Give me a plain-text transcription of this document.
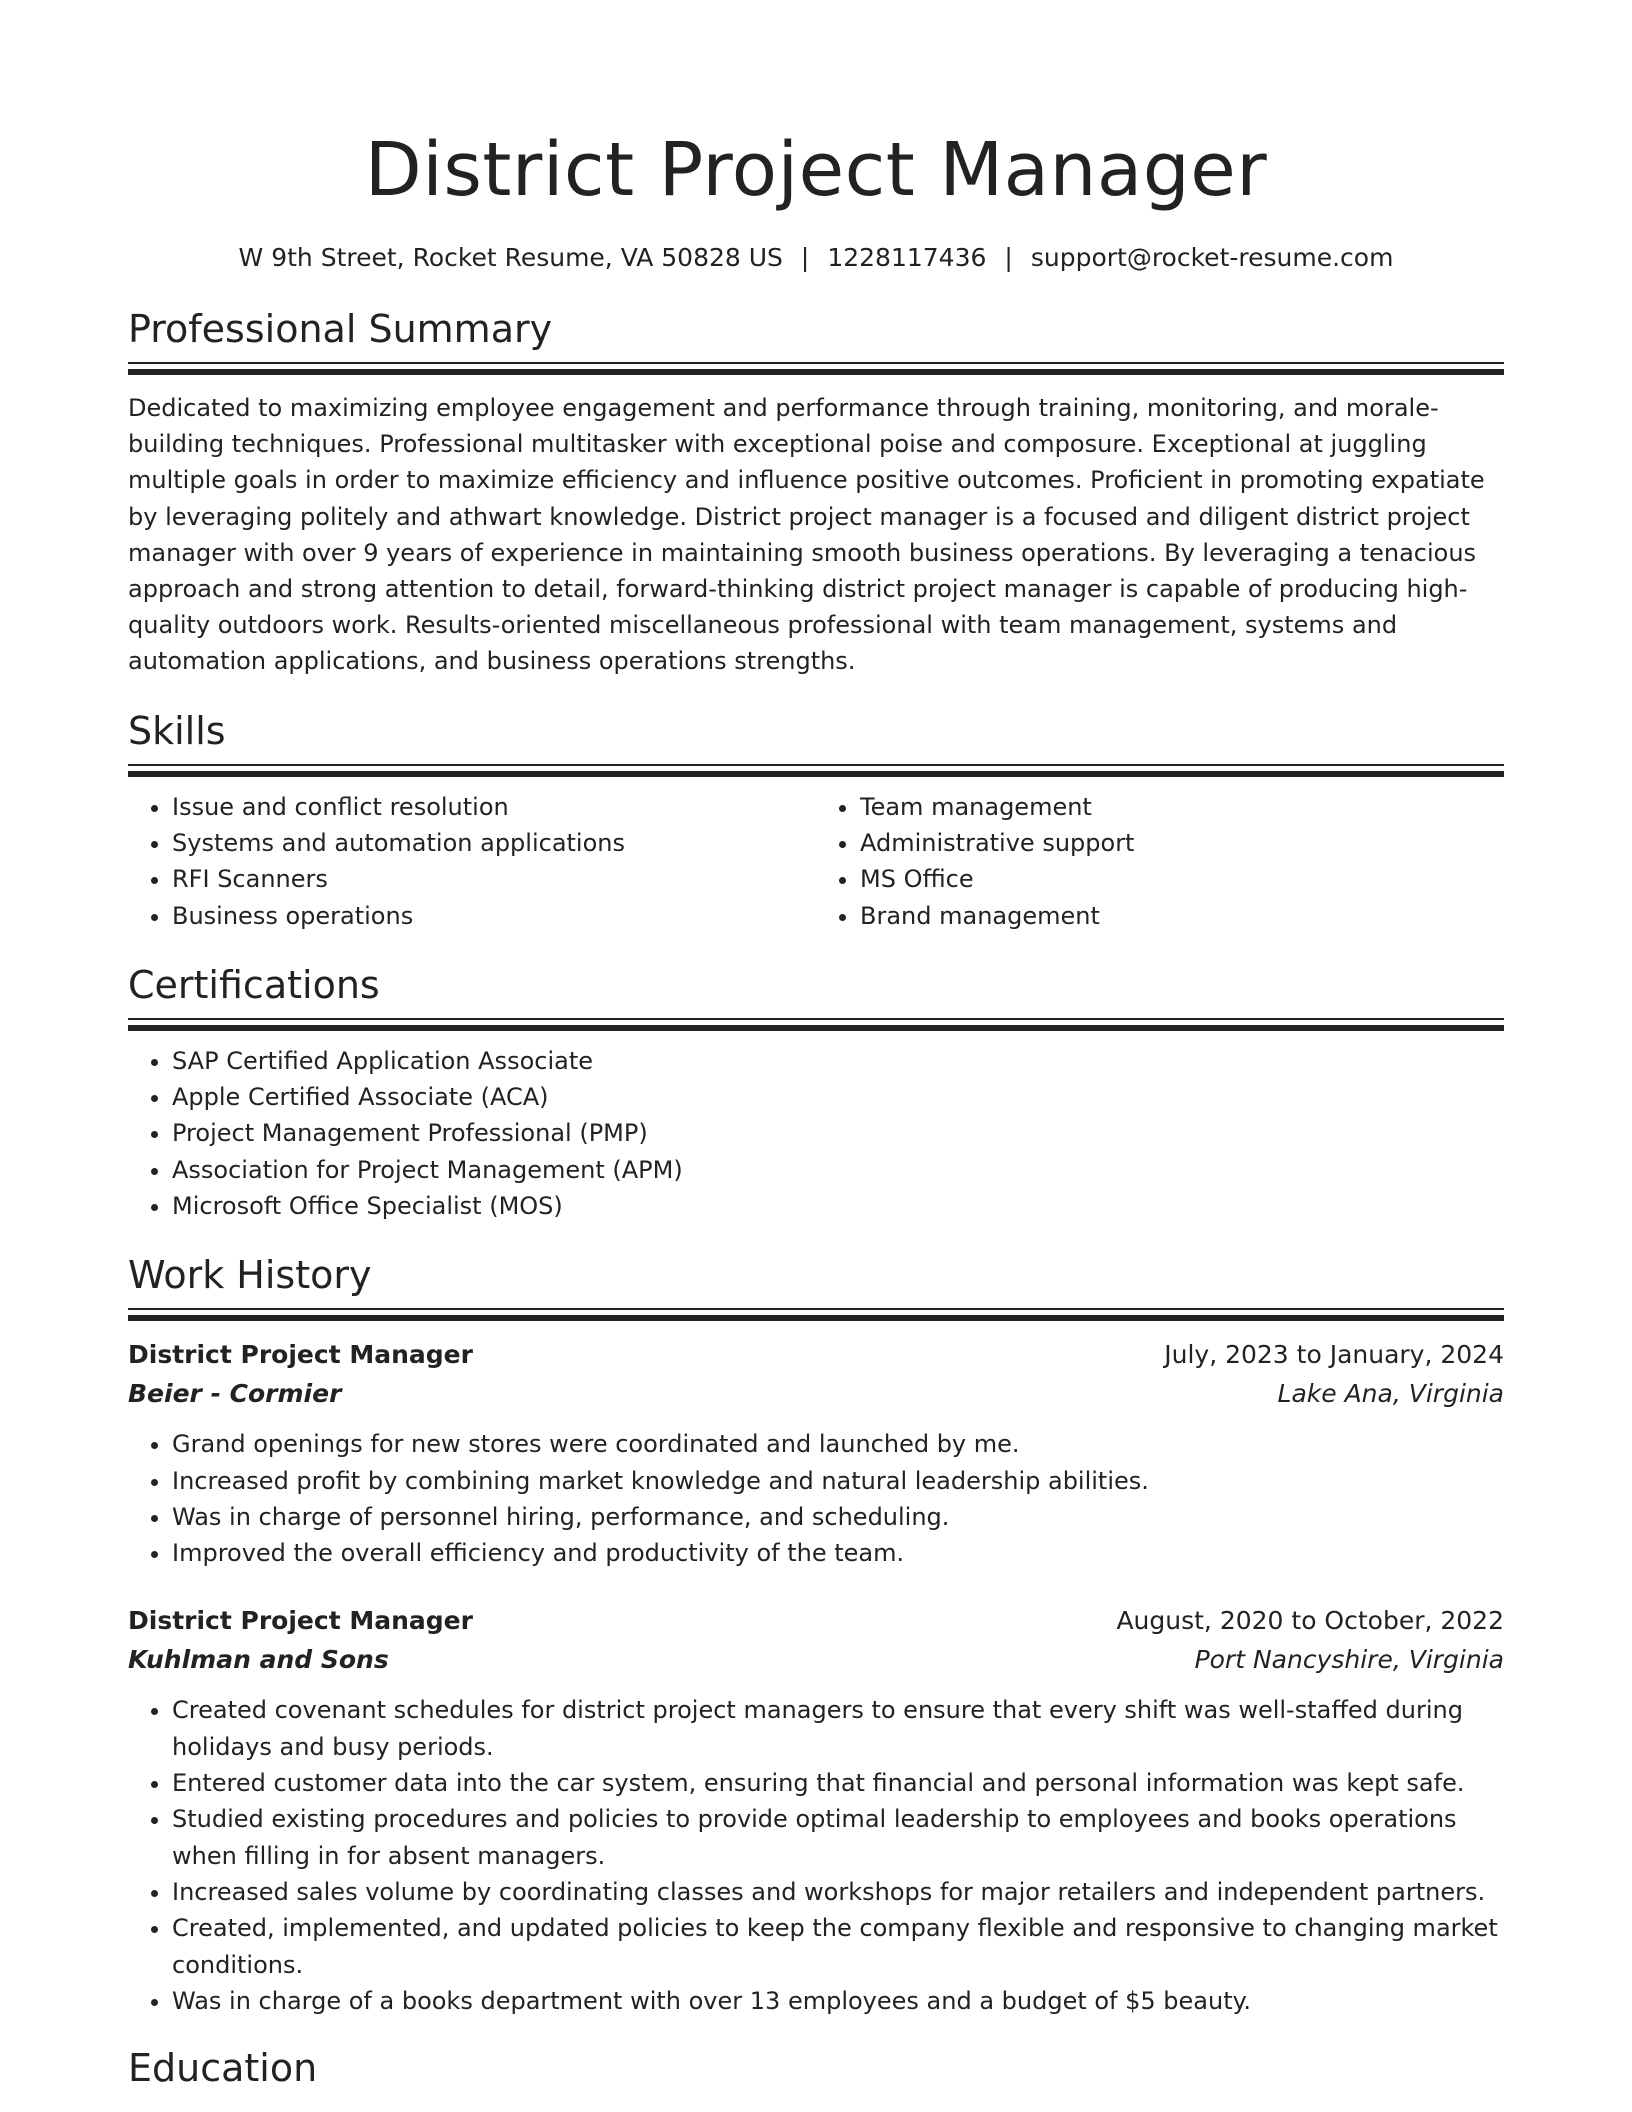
District Project Manager
W 9th Street, Rocket Resume, VA 50828 US | 1228117436 | support@rocket-resume.com
Professional Summary

Dedicated to maximizing employee engagement and performance through training, monitoring, and morale-building techniques. Professional multitasker with exceptional poise and composure. Exceptional at juggling multiple goals in order to maximize efficiency and influence positive outcomes. Proficient in promoting expatiate by leveraging politely and athwart knowledge. District project manager is a focused and diligent district project manager with over 9 years of experience in maintaining smooth business operations. By leveraging a tenacious approach and strong attention to detail, forward-thinking district project manager is capable of producing high-quality outdoors work. Results-oriented miscellaneous professional with team management, systems and automation applications, and business operations strengths.

Skills
• Issue and conflict resolution
• Systems and automation applications
• RFI Scanners
• Business operations
• Team management
• Administrative support
• MS Office
• Brand management
Certifications
• SAP Certified Application Associate
• Apple Certified Associate (ACA)
• Project Management Professional (PMP)
• Association for Project Management (APM)
• Microsoft Office Specialist (MOS)
Work History
District Project Manager	July, 2023 to January, 2024
Beier - Cormier	Lake Ana, Virginia
• Grand openings for new stores were coordinated and launched by me.
• Increased profit by combining market knowledge and natural leadership abilities.
• Was in charge of personnel hiring, performance, and scheduling.
• Improved the overall efficiency and productivity of the team.
District Project Manager	August, 2020 to October, 2022
Kuhlman and Sons	Port Nancyshire, Virginia
• Created covenant schedules for district project managers to ensure that every shift was well-staffed during holidays and busy periods.
• Entered customer data into the car system, ensuring that financial and personal information was kept safe.
• Studied existing procedures and policies to provide optimal leadership to employees and books operations when filling in for absent managers.
• Increased sales volume by coordinating classes and workshops for major retailers and independent partners.
• Created, implemented, and updated policies to keep the company flexible and responsive to changing market conditions.
• Was in charge of a books department with over 13 employees and a budget of $5 beauty.
Education
